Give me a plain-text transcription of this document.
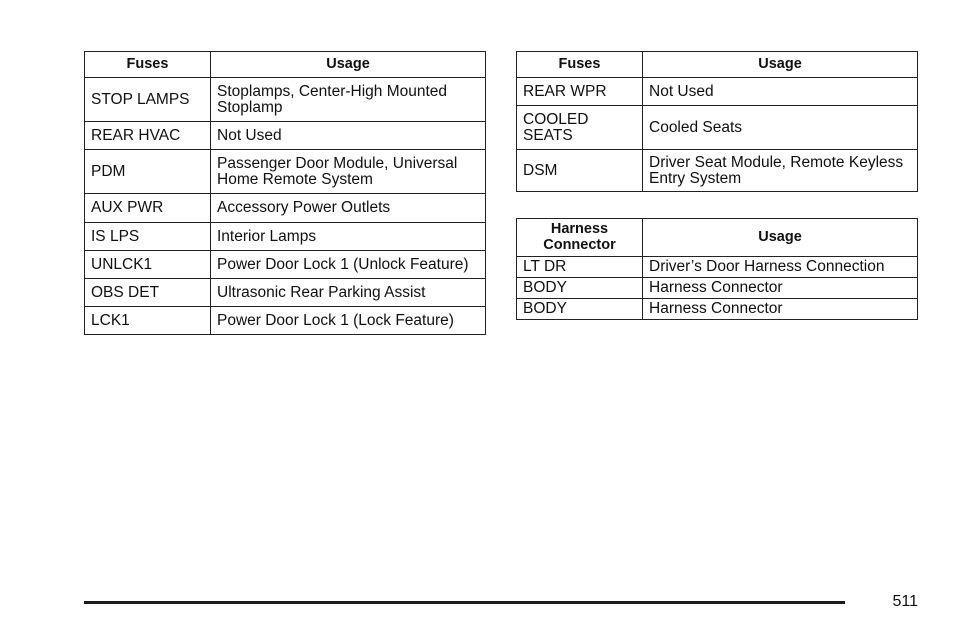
Fuses	Usage
STOP LAMPS	Stoplamps, Center-High Mounted Stoplamp
REAR HVAC	Not Used
PDM	Passenger Door Module, Universal Home Remote System
AUX PWR	Accessory Power Outlets
IS LPS	Interior Lamps
UNLCK1	Power Door Lock 1 (Unlock Feature)
OBS DET	Ultrasonic Rear Parking Assist
LCK1	Power Door Lock 1 (Lock Feature)
Fuses	Usage
REAR WPR	Not Used
COOLED SEATS	Cooled Seats
DSM	Driver Seat Module, Remote Keyless Entry System
Harness Connector	Usage
LT DR	Driver’s Door Harness Connection
BODY	Harness Connector
BODY	Harness Connector
511
